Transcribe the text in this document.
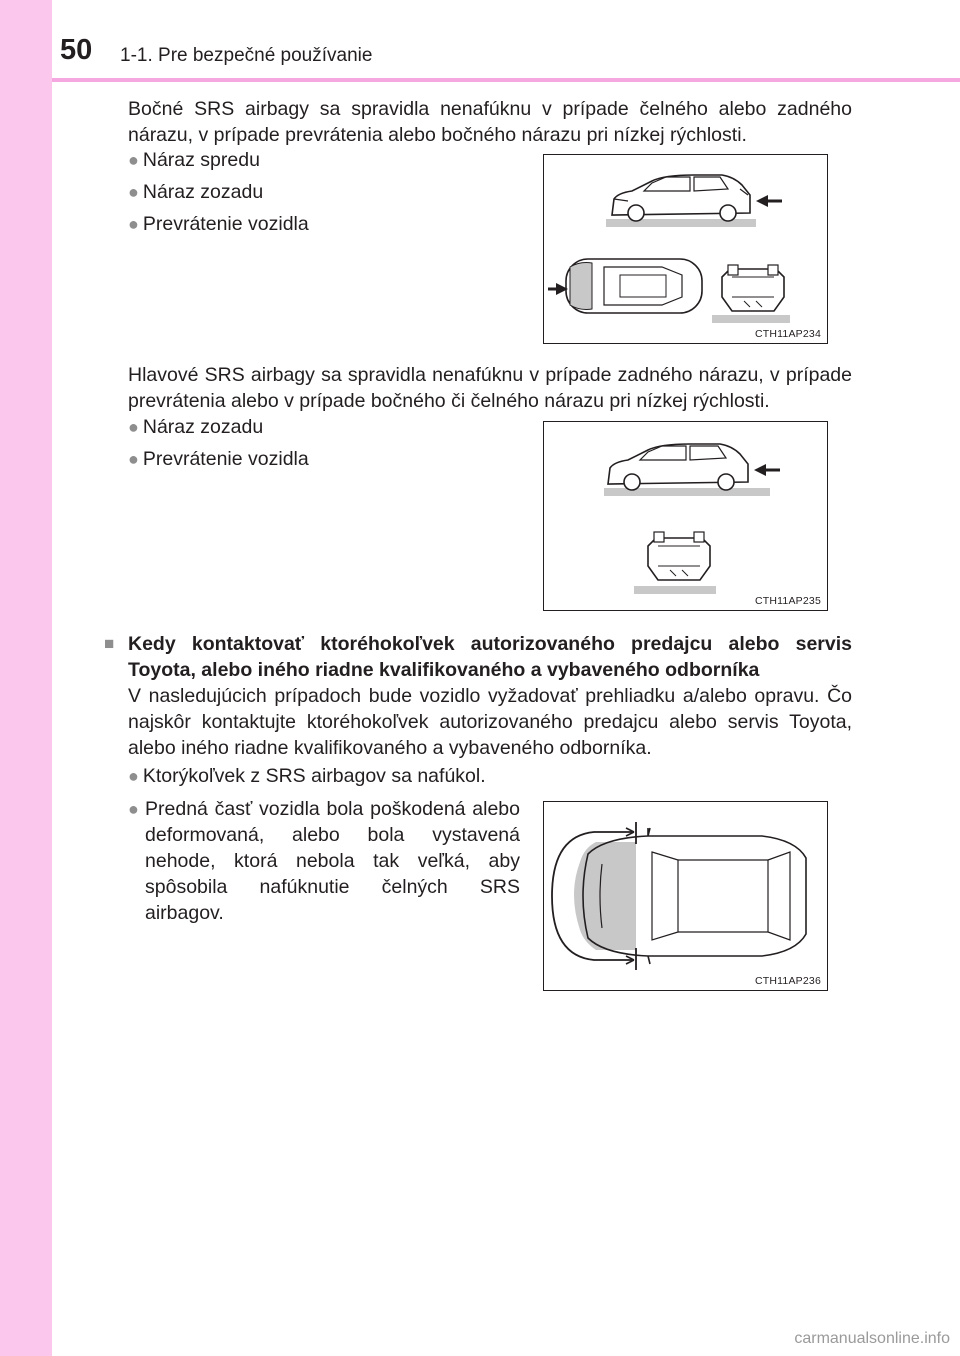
50 1-1. Pre bezpečné používanie

Bočné SRS airbagy sa spravidla nenafúknu v prípade čelného alebo zadného nárazu, v prípade prevrátenia alebo bočného nárazu pri nízkej rýchlosti.

● Náraz spredu
● Náraz zozadu
● Prevrátenie vozidla
CTH11AP234

Hlavové SRS airbagy sa spravidla nenafúknu v prípade zadného nárazu, v prípade prevrátenia alebo v prípade bočného či čelného nárazu pri nízkej rýchlosti.

● Náraz zozadu
● Prevrátenie vozidla
CTH11AP235
■ Kedy kontaktovať ktoréhokoľvek autorizovaného predajcu alebo servis Toyota, alebo iného riadne kvalifikovaného a vybaveného odborníka

V nasledujúcich prípadoch bude vozidlo vyžadovať prehliadku a/alebo opravu. Čo najskôr kontaktujte ktoréhokoľvek autorizovaného predajcu alebo servis Toyota, alebo iného riadne kvalifikovaného a vybaveného odborníka.

● Ktorýkoľvek z SRS airbagov sa nafúkol.
● Predná časť vozidla bola poškodená alebo deformovaná, alebo bola vystavená nehode, ktorá nebola tak veľká, aby spôsobila nafúknutie čelných SRS airbagov.
CTH11AP236
carmanualsonline.info
